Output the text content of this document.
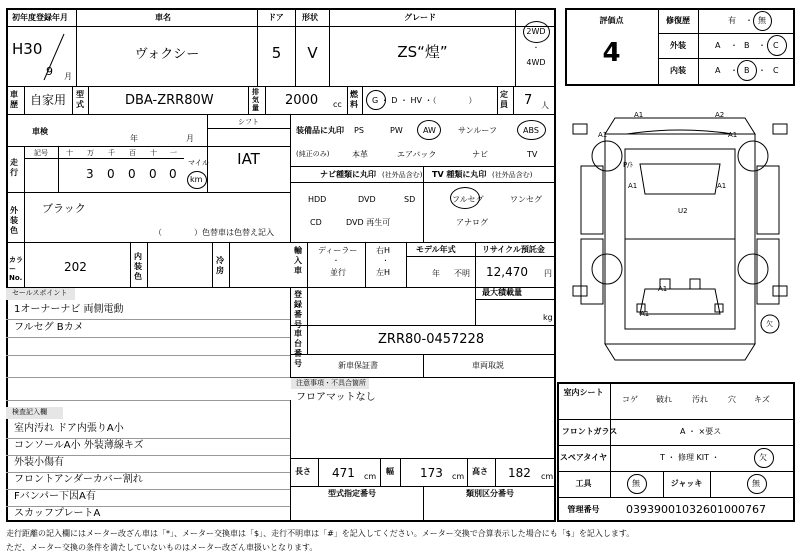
初年度登録年月	車名	ドア 形状	グレード
H30
9 月
ヴォクシー	5	V	ZS“煌”
2WD
·
4WD
車歴 自家用 型式	DBA-ZRR80W
排気量 2000 cc
燃料 G ・ D ・ HV ・（　　　　）
定員 7 人
車検
年	月
シフト
IAT
走行
記号	十 万 千 百 十 一
3 0 0 0 0
マイル
km
外装色
ブラック
（　　　　）色替車は色替え記入
カラーNo.
202
内装色
冷房
装備品に丸印
(純正のみ)
PS	PW	AW	サンルーフ	ABS
本革	エアバック	ナビ	TV
ナビ種類に丸印 (社外品含む) TV 種類に丸印 (社外品含む)
HDD	DVD	SD
CD	DVD 再生可
フルセグ	ワンセグ
アナログ
輸入車
ディーラー
·
並行
右H
·
左H
モデル年式
年 不明
リサイクル預託金
12,470 円
セールスポイント
1オーナーナビ 両側電動
フルセグ Bカメ
登録番号
最大積載量
kg
車台番号
ZRR80-0457228
新車保証書	車両取説
注意事項・不具合箇所
フロアマットなし
検査記入欄
室内汚れ ドア内張りA小
コンソールA小 外装薄線キズ
外装小傷有
フロントアンダーカバー割れ
Fバンパー下因A有
スカッフプレートA
長さ 471 cm
幅 173 cm
高さ 182 cm
型式指定番号	類別区分番号
評価点
4
修復歴	有 ・ 無
外装	A ・ B ・ C
内装	A ・ B ・ C
A1	A2
A1	A1
P/ﾄ
A1	A1
U2
A1
A1
欠
室内シート
コゲ 破れ	汚れ	穴 キズ
フロントガラス	A ・ ×要ス
スペアタイヤ	T ・ 修理 KIT ・	欠
工具	無	ジャッキ	無
管理番号	0393900103260100076​7
走行距離の記入欄にはメーター改ざん車は「*」、メーター交換車は「$」、走行不明車は「#」を記入してください。メーター交換で合算表示した場合にも「$」を記入します。
ただ、メーター交換の条件を満たしていないものはメーター改ざん車扱いとなります。
